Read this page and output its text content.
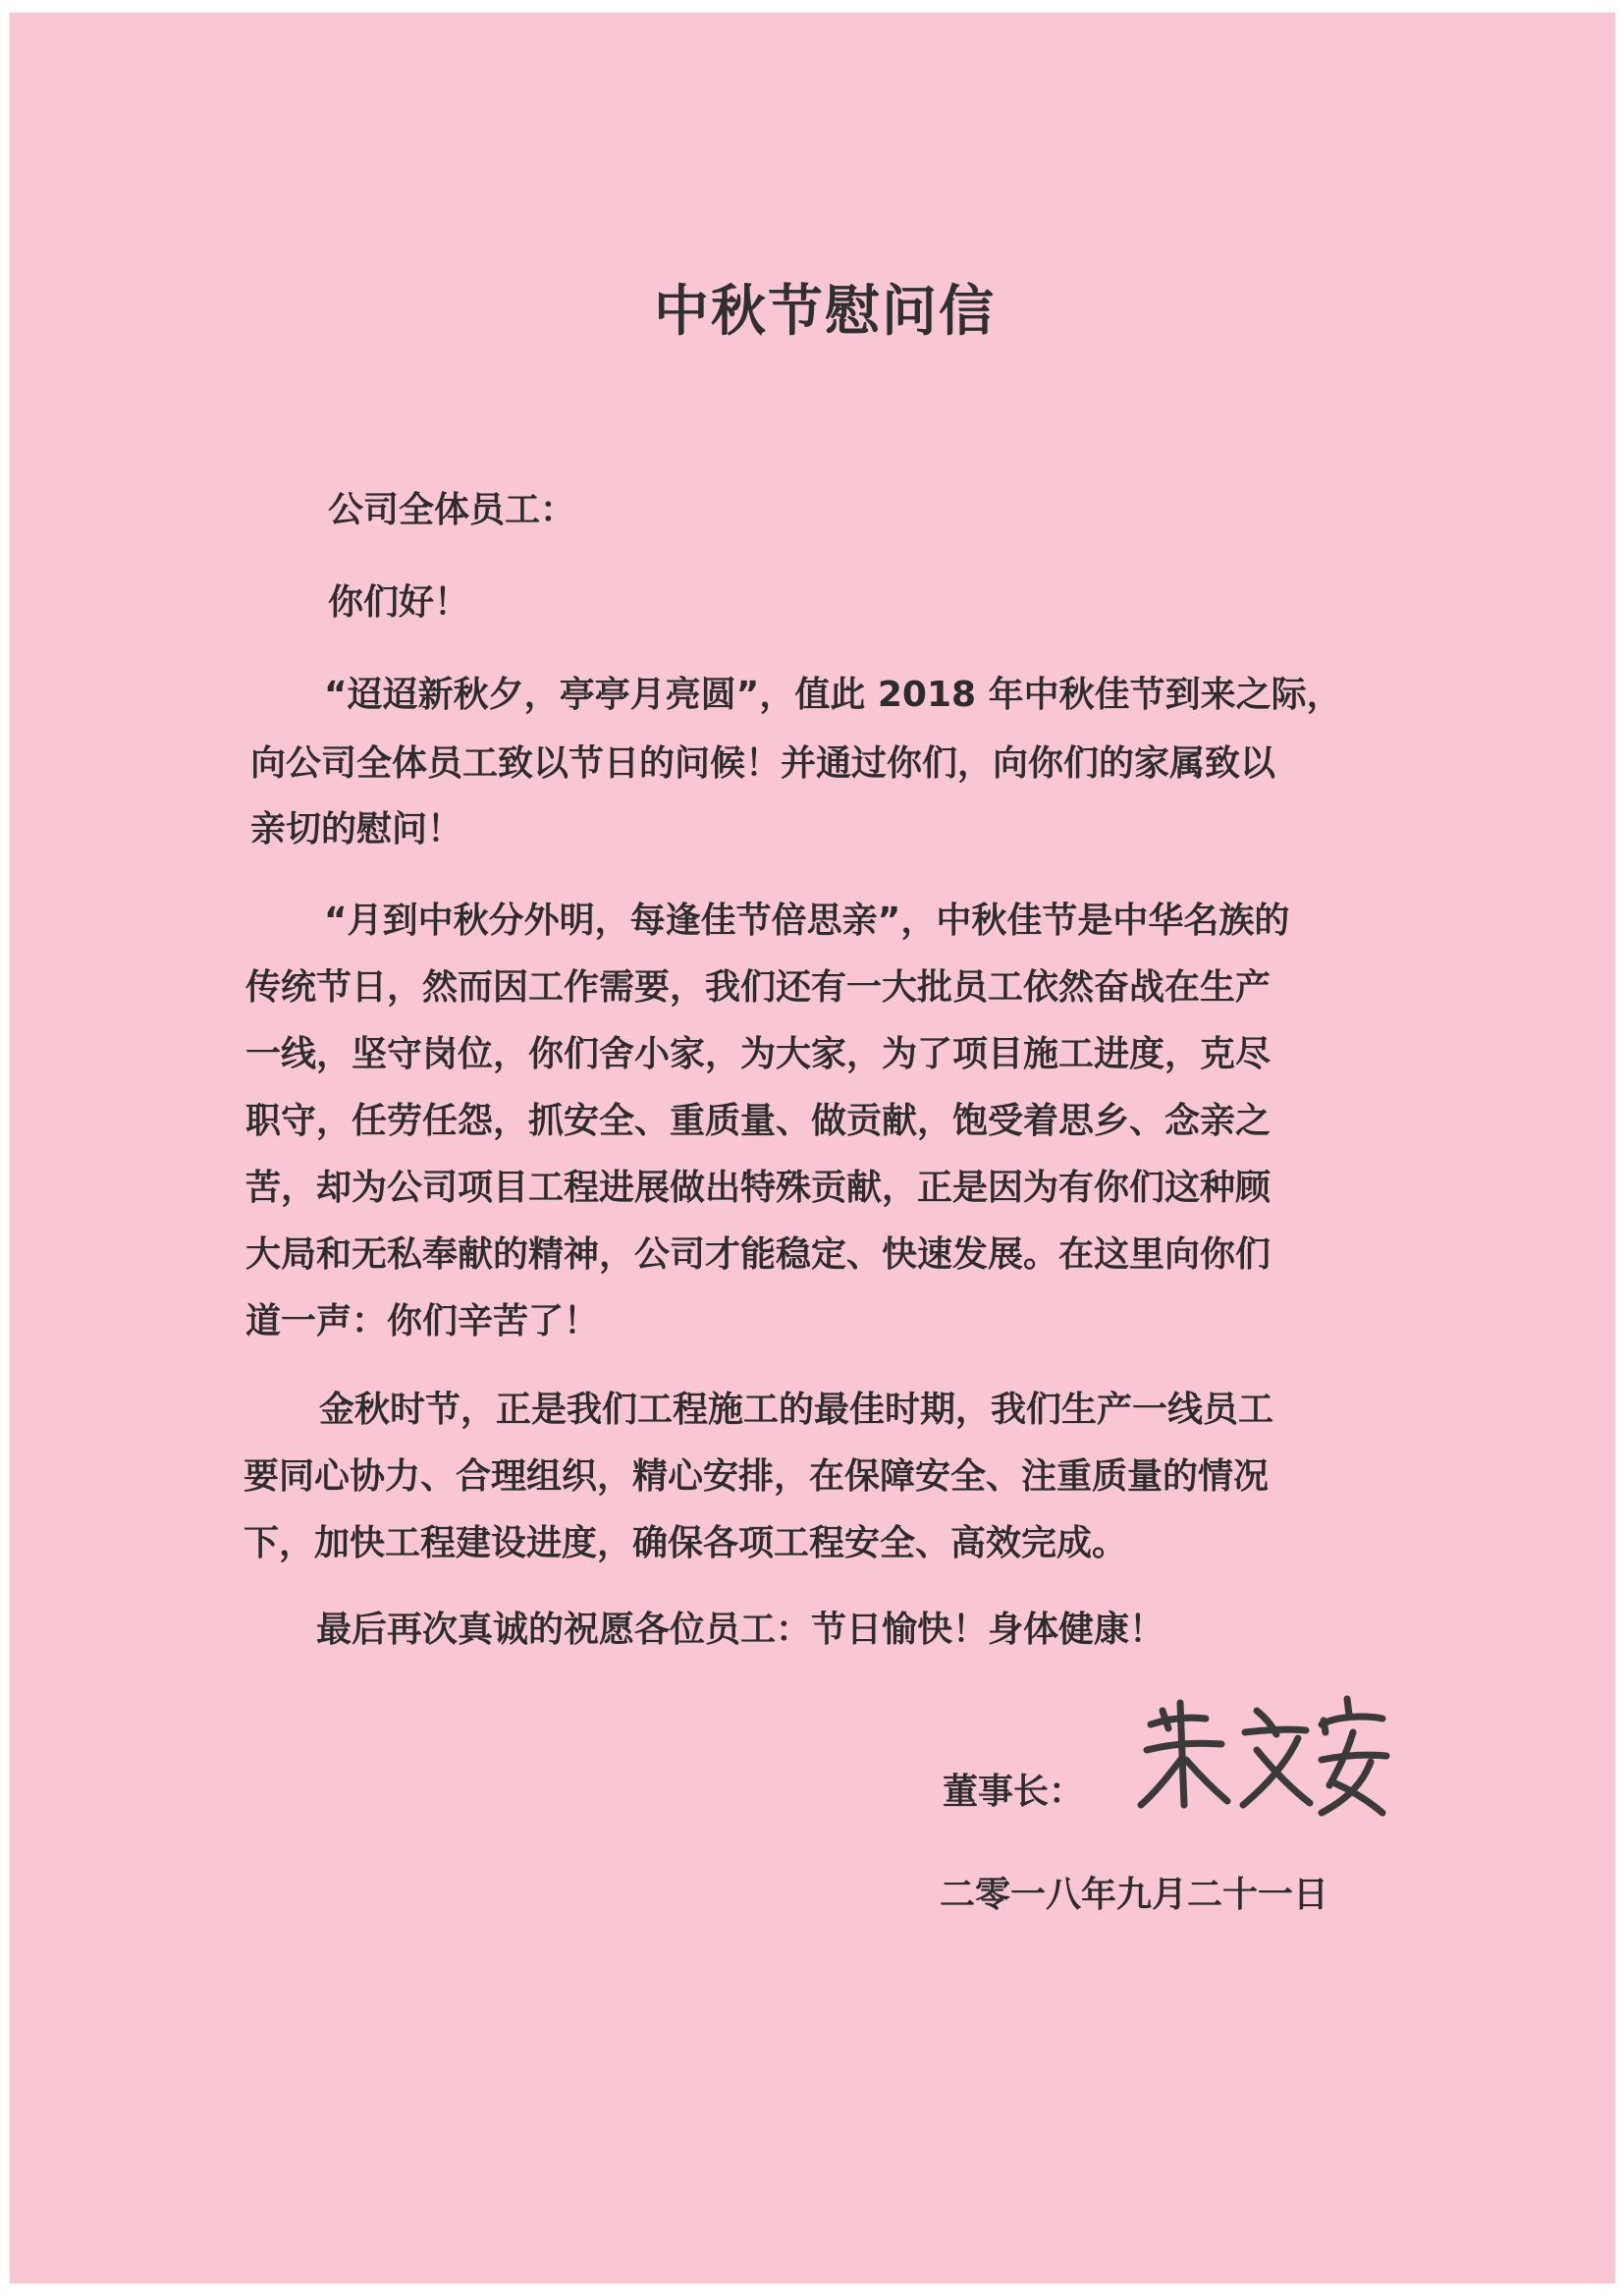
中秋节慰问信
公司全体员工：
你们好！
“迢迢新秋夕，亭亭月亮圆”，值此 2018 年中秋佳节到来之际，
向公司全体员工致以节日的问候！并通过你们，向你们的家属致以
亲切的慰问！
“月到中秋分外明，每逢佳节倍思亲”，中秋佳节是中华名族的
传统节日，然而因工作需要，我们还有一大批员工依然奋战在生产
一线，坚守岗位，你们舍小家，为大家，为了项目施工进度，克尽
职守，任劳任怨，抓安全、重质量、做贡献，饱受着思乡、念亲之
苦，却为公司项目工程进展做出特殊贡献，正是因为有你们这种顾
大局和无私奉献的精神，公司才能稳定、快速发展。在这里向你们
道一声：你们辛苦了！
金秋时节，正是我们工程施工的最佳时期，我们生产一线员工
要同心协力、合理组织，精心安排，在保障安全、注重质量的情况
下，加快工程建设进度，确保各项工程安全、高效完成。
最后再次真诚的祝愿各位员工：节日愉快！身体健康！
董事长：
二零一八年九月二十一日
